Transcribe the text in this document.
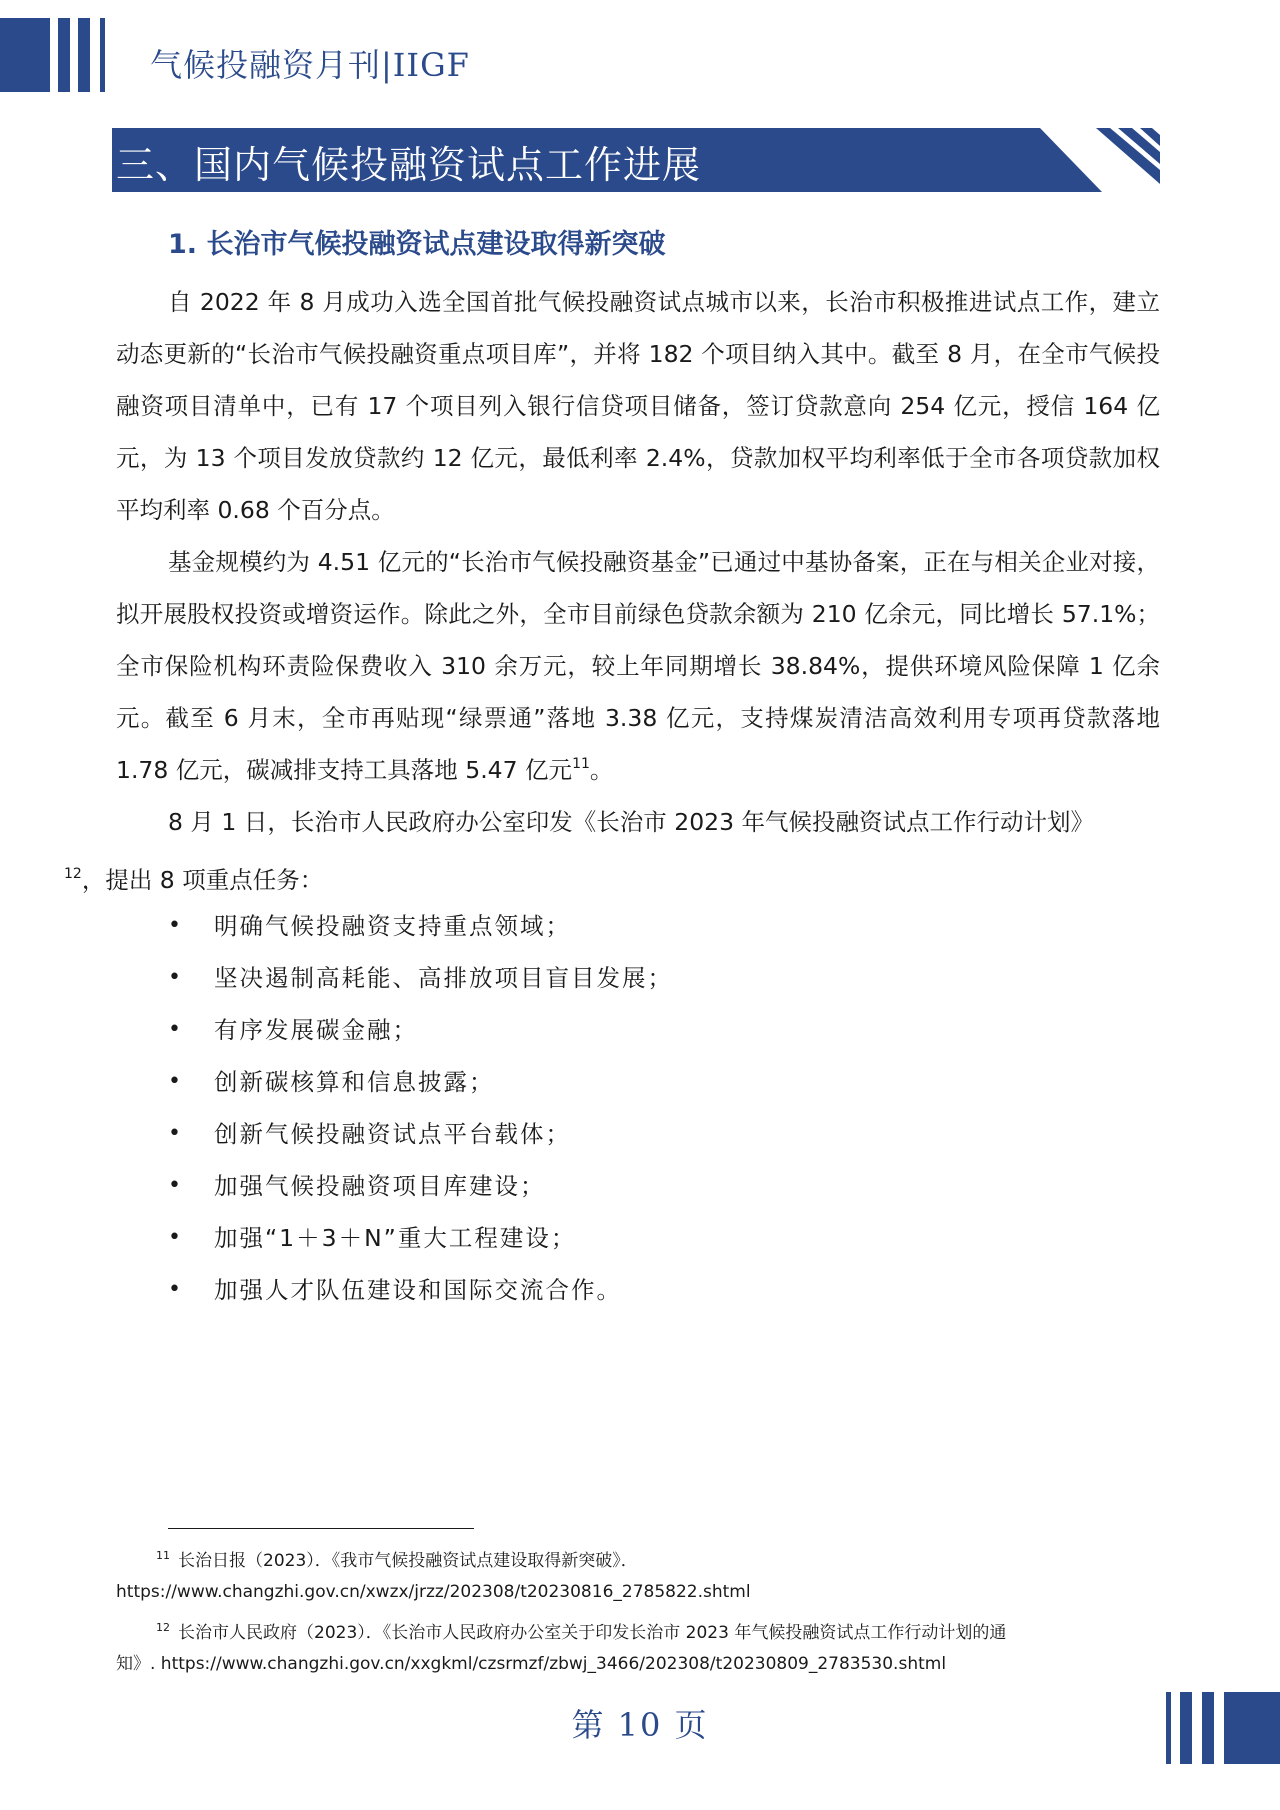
气候投融资月刊|IIGF
三、国内气候投融资试点工作进展
1. 长治市气候投融资试点建设取得新突破

自 2022 年 8 月成功入选全国首批气候投融资试点城市以来，长治市积极推进试点工作，建立动态更新的“长治市气候投融资重点项目库”，并将 182 个项目纳入其中。截至 8 月，在全市气候投融资项目清单中，已有 17 个项目列入银行信贷项目储备，签订贷款意向 254 亿元，授信 164 亿元，为 13 个项目发放贷款约 12 亿元，最低利率 2.4%，贷款加权平均利率低于全市各项贷款加权平均利率 0.68 个百分点。

基金规模约为 4.51 亿元的“长治市气候投融资基金”已通过中基协备案，正在与相关企业对接，拟开展股权投资或增资运作。除此之外，全市目前绿色贷款余额为 210 亿余元，同比增长 57.1%；全市保险机构环责险保费收入 310 余万元，较上年同期增长 38.84%，提供环境风险保障 1 亿余元。截至 6 月末，全市再贴现“绿票通”落地 3.38 亿元，支持煤炭清洁高效利用专项再贷款落地 1.78 亿元，碳减排支持工具落地 5.47 亿元$^{11}$。

8 月 1 日，长治市人民政府办公室印发《长治市 2023 年气候投融资试点工作行动计划》
$^{12}$，提出 8 项重点任务：

• 明确气候投融资支持重点领域；
• 坚决遏制高耗能、高排放项目盲目发展；
• 有序发展碳金融；
• 创新碳核算和信息披露；
• 创新气候投融资试点平台载体；
• 加强气候投融资项目库建设；
• 加强“1＋3＋N”重大工程建设；
• 加强人才队伍建设和国际交流合作。
$^{11}$ 长治日报（2023）．《我市气候投融资试点建设取得新突破》．
https://www.changzhi.gov.cn/xwzx/jrzz/202308/t20230816_2785822.shtml
$^{12}$ 长治市人民政府（2023）．《长治市人民政府办公室关于印发长治市 2023 年气候投融资试点工作行动计划的通
知》. https://www.changzhi.gov.cn/xxgkml/czsrmzf/zbwj_3466/202308/t20230809_2783530.shtml
第 10 页
